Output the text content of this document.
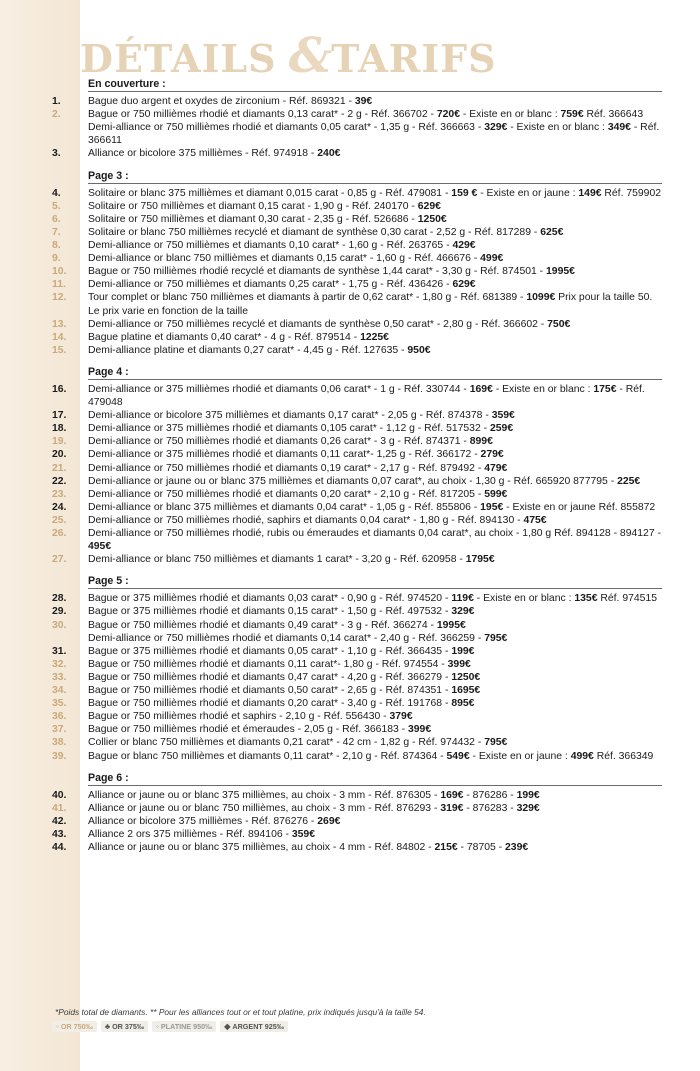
DÉTAILS &TARIFS
En couverture :
1.	Bague duo argent et oxydes de zirconium - Réf. 869321 - 39€
2.	Bague or 750 millièmes rhodié et diamants 0,13 carat* - 2 g - Réf. 366702 - 720€ - Existe en or blanc : 759€ Réf. 366643
Demi-alliance or 750 millièmes rhodié et diamants 0,05 carat* - 1,35 g - Réf. 366663 - 329€ - Existe en or blanc : 349€ - Réf. 366611
3.	Alliance or bicolore 375 millièmes - Réf. 974918 - 240€
Page 3 :
4.	Solitaire or blanc 375 millièmes et diamant 0,015 carat - 0,85 g - Réf. 479081 - 159 € - Existe en or jaune : 149€ Réf. 759902
5.	Solitaire or 750 millièmes et diamant 0,15 carat - 1,90 g - Réf. 240170 - 629€
6.	Solitaire or 750 millièmes et diamant 0,30 carat - 2,35 g - Réf. 526686 - 1250€
7.	Solitaire or blanc 750 millièmes recyclé et diamant de synthèse 0,30 carat - 2,52 g - Réf. 817289 - 625€
8.	Demi-alliance or 750 millièmes et diamants 0,10 carat* - 1,60 g - Réf. 263765 - 429€
9.	Demi-alliance or blanc 750 millièmes et diamants 0,15 carat* - 1,60 g - Réf. 466676 - 499€
10.	Bague or 750 millièmes rhodié recyclé et diamants de synthèse 1,44 carat* - 3,30 g - Réf. 874501 - 1995€
11.	Demi-alliance or 750 millièmes et diamants 0,25 carat* - 1,75 g - Réf. 436426 - 629€
12.	Tour complet or blanc 750 millièmes et diamants à partir de 0,62 carat* - 1,80 g - Réf. 681389 - 1099€ Prix pour la taille 50. Le prix varie en fonction de la taille
13.	Demi-alliance or 750 millièmes recyclé et diamants de synthèse 0,50 carat* - 2,80 g - Réf. 366602 - 750€
14.	Bague platine et diamants 0,40 carat* - 4 g - Réf. 879514 - 1225€
15.	Demi-alliance platine et diamants 0,27 carat* - 4,45 g - Réf. 127635 - 950€
Page 4 :
16.	Demi-alliance or 375 millièmes rhodié et diamants 0,06 carat* - 1 g - Réf. 330744 - 169€ - Existe en or blanc : 175€ - Réf. 479048
17.	Demi-alliance or bicolore 375 millièmes et diamants 0,17 carat* - 2,05 g - Réf. 874378 - 359€
18.	Demi-alliance or 375 millièmes rhodié et diamants 0,105 carat* - 1,12 g - Réf. 517532 - 259€
19.	Demi-alliance or 750 millièmes rhodié et diamants 0,26 carat* - 3 g - Réf. 874371 - 899€
20.	Demi-alliance or 375 millièmes rhodié et diamants 0,11 carat*- 1,25 g - Réf. 366172 - 279€
21.	Demi-alliance or 750 millièmes rhodié et diamants 0,19 carat* - 2,17 g - Réf. 879492 - 479€
22.	Demi-alliance or jaune ou or blanc 375 millièmes et diamants 0,07 carat*, au choix - 1,30 g - Réf. 665920 877795 - 225€
23.	Demi-alliance or 750 millièmes rhodié et diamants 0,20 carat* - 2,10 g - Réf. 817205 - 599€
24.	Demi-alliance or blanc 375 millièmes et diamants 0,04 carat* - 1,05 g - Réf. 855806 - 195€ - Existe en or jaune Réf. 855872
25.	Demi-alliance or 750 millièmes rhodié, saphirs et diamants 0,04 carat* - 1,80 g - Réf. 894130 - 475€
26.	Demi-alliance or 750 millièmes rhodié, rubis ou émeraudes et diamants 0,04 carat*, au choix - 1,80 g Réf. 894128 - 894127 - 495€
27.	Demi-alliance or blanc 750 millièmes et diamants 1 carat* - 3,20 g - Réf. 620958 - 1795€
Page 5 :
28.	Bague or 375 millièmes rhodié et diamants 0,03 carat* - 0,90 g - Réf. 974520 - 119€ - Existe en or blanc : 135€ Réf. 974515
29.	Bague or 375 millièmes rhodié et diamants 0,15 carat* - 1,50 g - Réf. 497532 - 329€
30.	Bague or 750 millièmes rhodié et diamants 0,49 carat* - 3 g - Réf. 366274 - 1995€
Demi-alliance or 750 millièmes rhodié et diamants 0,14 carat* - 2,40 g - Réf. 366259 - 795€
31.	Bague or 375 millièmes rhodié et diamants 0,05 carat* - 1,10 g - Réf. 366435 - 199€
32.	Bague or 750 millièmes rhodié et diamants 0,11 carat*- 1,80 g - Réf. 974554 - 399€
33.	Bague or 750 millièmes rhodié et diamants 0,47 carat* - 4,20 g - Réf. 366279 - 1250€
34.	Bague or 750 millièmes rhodié et diamants 0,50 carat* - 2,65 g - Réf. 874351 - 1695€
35.	Bague or 750 millièmes rhodié et diamants 0,20 carat* - 3,40 g - Réf. 191768 - 895€
36.	Bague or 750 millièmes rhodié et saphirs - 2,10 g - Réf. 556430 - 379€
37.	Bague or 750 millièmes rhodié et émeraudes - 2,05 g - Réf. 366183 - 399€
38.	Collier or blanc 750 millièmes et diamants 0,21 carat* - 42 cm - 1,82 g - Réf. 974432 - 795€
39.	Bague or blanc 750 millièmes et diamants 0,11 carat* - 2,10 g - Réf. 874364 - 549€ - Existe en or jaune : 499€ Réf. 366349
Page 6 :
40.	Alliance or jaune ou or blanc 375 millièmes, au choix - 3 mm - Réf. 876305 - 169€ - 876286 - 199€
41.	Alliance or jaune ou or blanc 750 millièmes, au choix - 3 mm - Réf. 876293 - 319€ - 876283 - 329€
42.	Alliance or bicolore 375 millièmes - Réf. 876276 - 269€
43.	Alliance 2 ors 375 millièmes - Réf. 894106 - 359€
44.	Alliance or jaune ou or blanc 375 millièmes, au choix - 4 mm - Réf. 84802 - 215€ - 78705 - 239€
*Poids total de diamants. ** Pour les alliances tout or et tout platine, prix indiqués jusqu'à la taille 54.
◦ OR 750‰ ♣ OR 375‰ ◦ PLATINE 950‰ ◆ ARGENT 925‰
